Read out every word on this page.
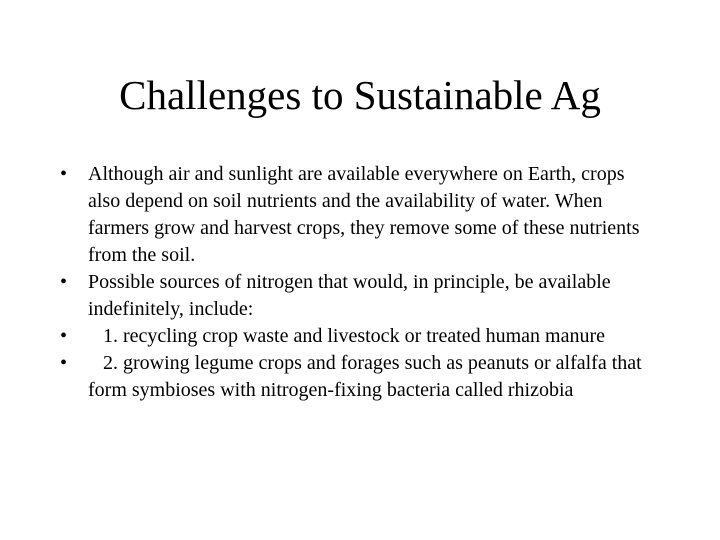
Challenges to Sustainable Ag
• Although air and sunlight are available everywhere on Earth, crops also depend on soil nutrients and the availability of water. When farmers grow and harvest crops, they remove some of these nutrients from the soil.
• Possible sources of nitrogen that would, in principle, be available indefinitely, include:
• 1. recycling crop waste and livestock or treated human manure
• 2. growing legume crops and forages such as peanuts or alfalfa that form symbioses with nitrogen-fixing bacteria called rhizobia
